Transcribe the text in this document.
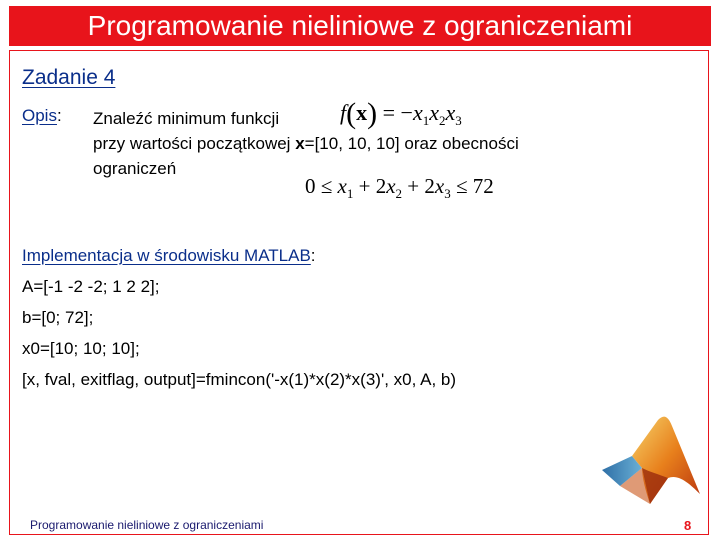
Programowanie nieliniowe z ograniczeniami
Zadanie 4
Opis: Znaleźć minimum funkcji
przy wartości początkowej x=[10, 10, 10] oraz obecności
ograniczeń
$f(x) = -x_1x_2x_3$
$0 \le x_1 + 2x_2 + 2x_3 \le 72$
Implementacja w środowisku MATLAB:
A=[-1 -2 -2; 1 2 2];
b=[0; 72];
x0=[10; 10; 10];
[x, fval, exitflag, output]=fmincon('-x(1)*x(2)*x(3)', x0, A, b)
Programowanie nieliniowe z ograniczeniami	8
